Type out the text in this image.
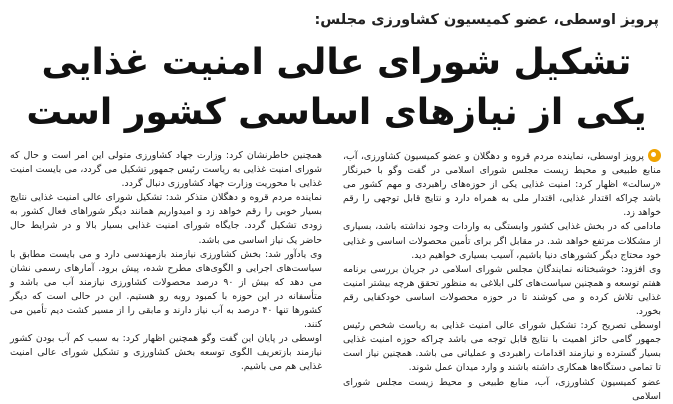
پرویز اوسطی، عضو کمیسیون کشاورزی مجلس:
تشکیل شورای عالی امنیت غذایی
یکی از نیازهای اساسی کشور است

پرویز اوسطی، نماینده مردم قروه و دهگلان و عضو کمیسیون کشاورزی، آب، منابع طبیعی و محیط زیست مجلس شورای اسلامی در گفت وگو با خبرنگار «رسالت» اظهار کرد: امنیت غذایی یکی از حوزه‌های راهبردی و مهم کشور می باشد چراکه اقتدار غذایی، اقتدار ملی به همراه دارد و نتایج قابل توجهی را رقم خواهد زد.

مادامی که در بخش غذایی کشور وابستگی به واردات وجود نداشته باشد، بسیاری از مشکلات مرتفع خواهد شد. در مقابل اگر برای تأمین محصولات اساسی و غذایی خود محتاج دیگر کشورهای دنیا باشیم، آسیب بسیاری خواهیم دید.

وی افزود: خوشبختانه نمایندگان مجلس شورای اسلامی در جریان بررسی برنامه هفتم توسعه و همچنین سیاست‌های کلی ابلاغی به منظور تحقق هرچه بیشتر امنیت غذایی تلاش کرده و می کوشند تا در حوزه محصولات اساسی خودکفایی رقم بخورد.

اوسطی تصریح کرد: تشکیل شورای عالی امنیت غذایی به ریاست شخص رئیس جمهور گامی حائز اهمیت با نتایج قابل توجه می باشد چراکه حوزه امنیت غذایی بسیار گسترده و نیازمند اقدامات راهبردی و عملیاتی می باشد. همچنین نیاز است تا تمامی دستگاه‌ها همکاری داشته باشند و وارد میدان عمل شوند.

عضو کمیسیون کشاورزی، آب، منابع طبیعی و محیط زیست مجلس شورای اسلامی

همچنین خاطرنشان کرد: وزارت جهاد کشاورزی متولی این امر است و حال که شورای امنیت غذایی به ریاست رئیس جمهور تشکیل می گردد، می بایست امنیت غذایی با محوریت وزارت جهاد کشاورزی دنبال گردد.

نماینده مردم قروه و دهگلان متذکر شد: تشکیل شورای عالی امنیت غذایی نتایج بسیار خوبی را رقم خواهد زد و امیدواریم همانند دیگر شوراهای فعال کشور به زودی تشکیل گردد. جایگاه شورای امنیت غذایی بسیار بالا و در شرایط حال حاضر یک نیاز اساسی می باشد.

وی یادآور شد: بخش کشاورزی نیازمند بازمهندسی دارد و می بایست مطابق با سیاست‌های اجرایی و الگوی‌های مطرح شده، پیش برود. آمارهای رسمی نشان می دهد که بیش از ۹۰ درصد محصولات کشاورزی نیازمند آب می باشد و متأسفانه در این حوزه با کمبود روبه رو هستیم. این در حالی است که دیگر کشورها تنها ۴۰ درصد به آب نیاز دارند و مابقی را از مسیر کشت دیم تأمین می کنند.

اوسطی در پایان این گفت وگو همچنین اظهار کرد: به سبب کم آب بودن کشور نیازمند بازتعریف الگوی توسعه بخش کشاورزی و تشکیل شورای عالی امنیت غذایی هم می باشیم.
